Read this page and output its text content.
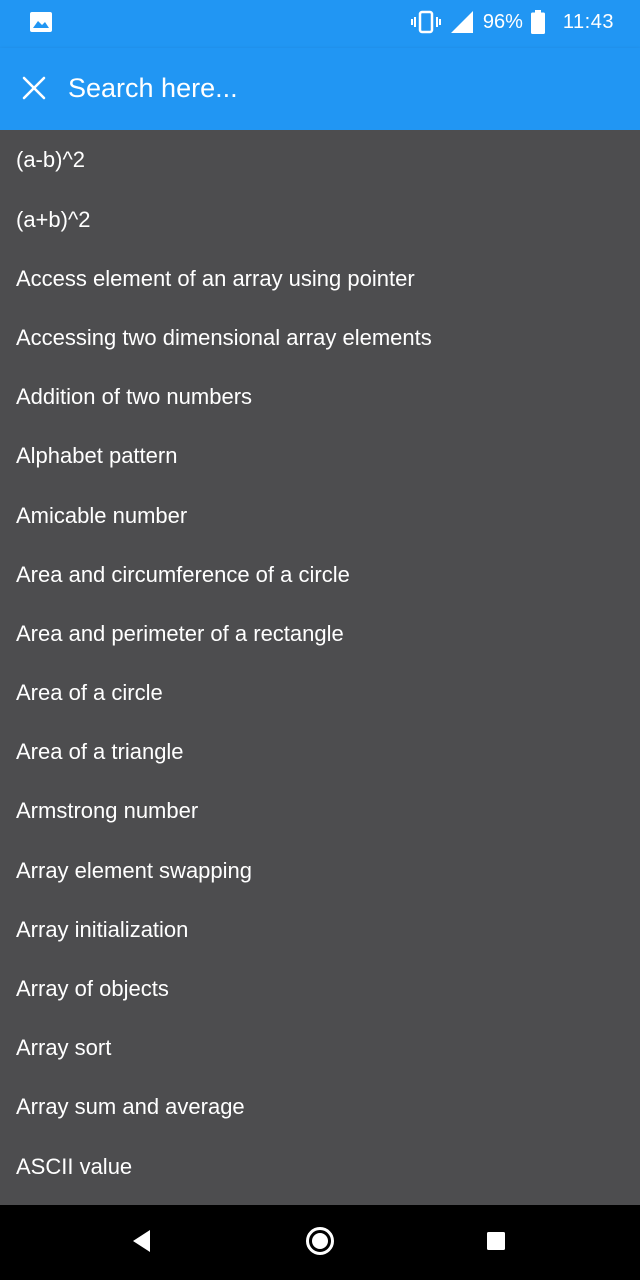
96% 11:43
Search here...
(a-b)^2
(a+b)^2
Access element of an array using pointer
Accessing two dimensional array elements
Addition of two numbers
Alphabet pattern
Amicable number
Area and circumference of a circle
Area and perimeter of a rectangle
Area of a circle
Area of a triangle
Armstrong number
Array element swapping
Array initialization
Array of objects
Array sort
Array sum and average
ASCII value
